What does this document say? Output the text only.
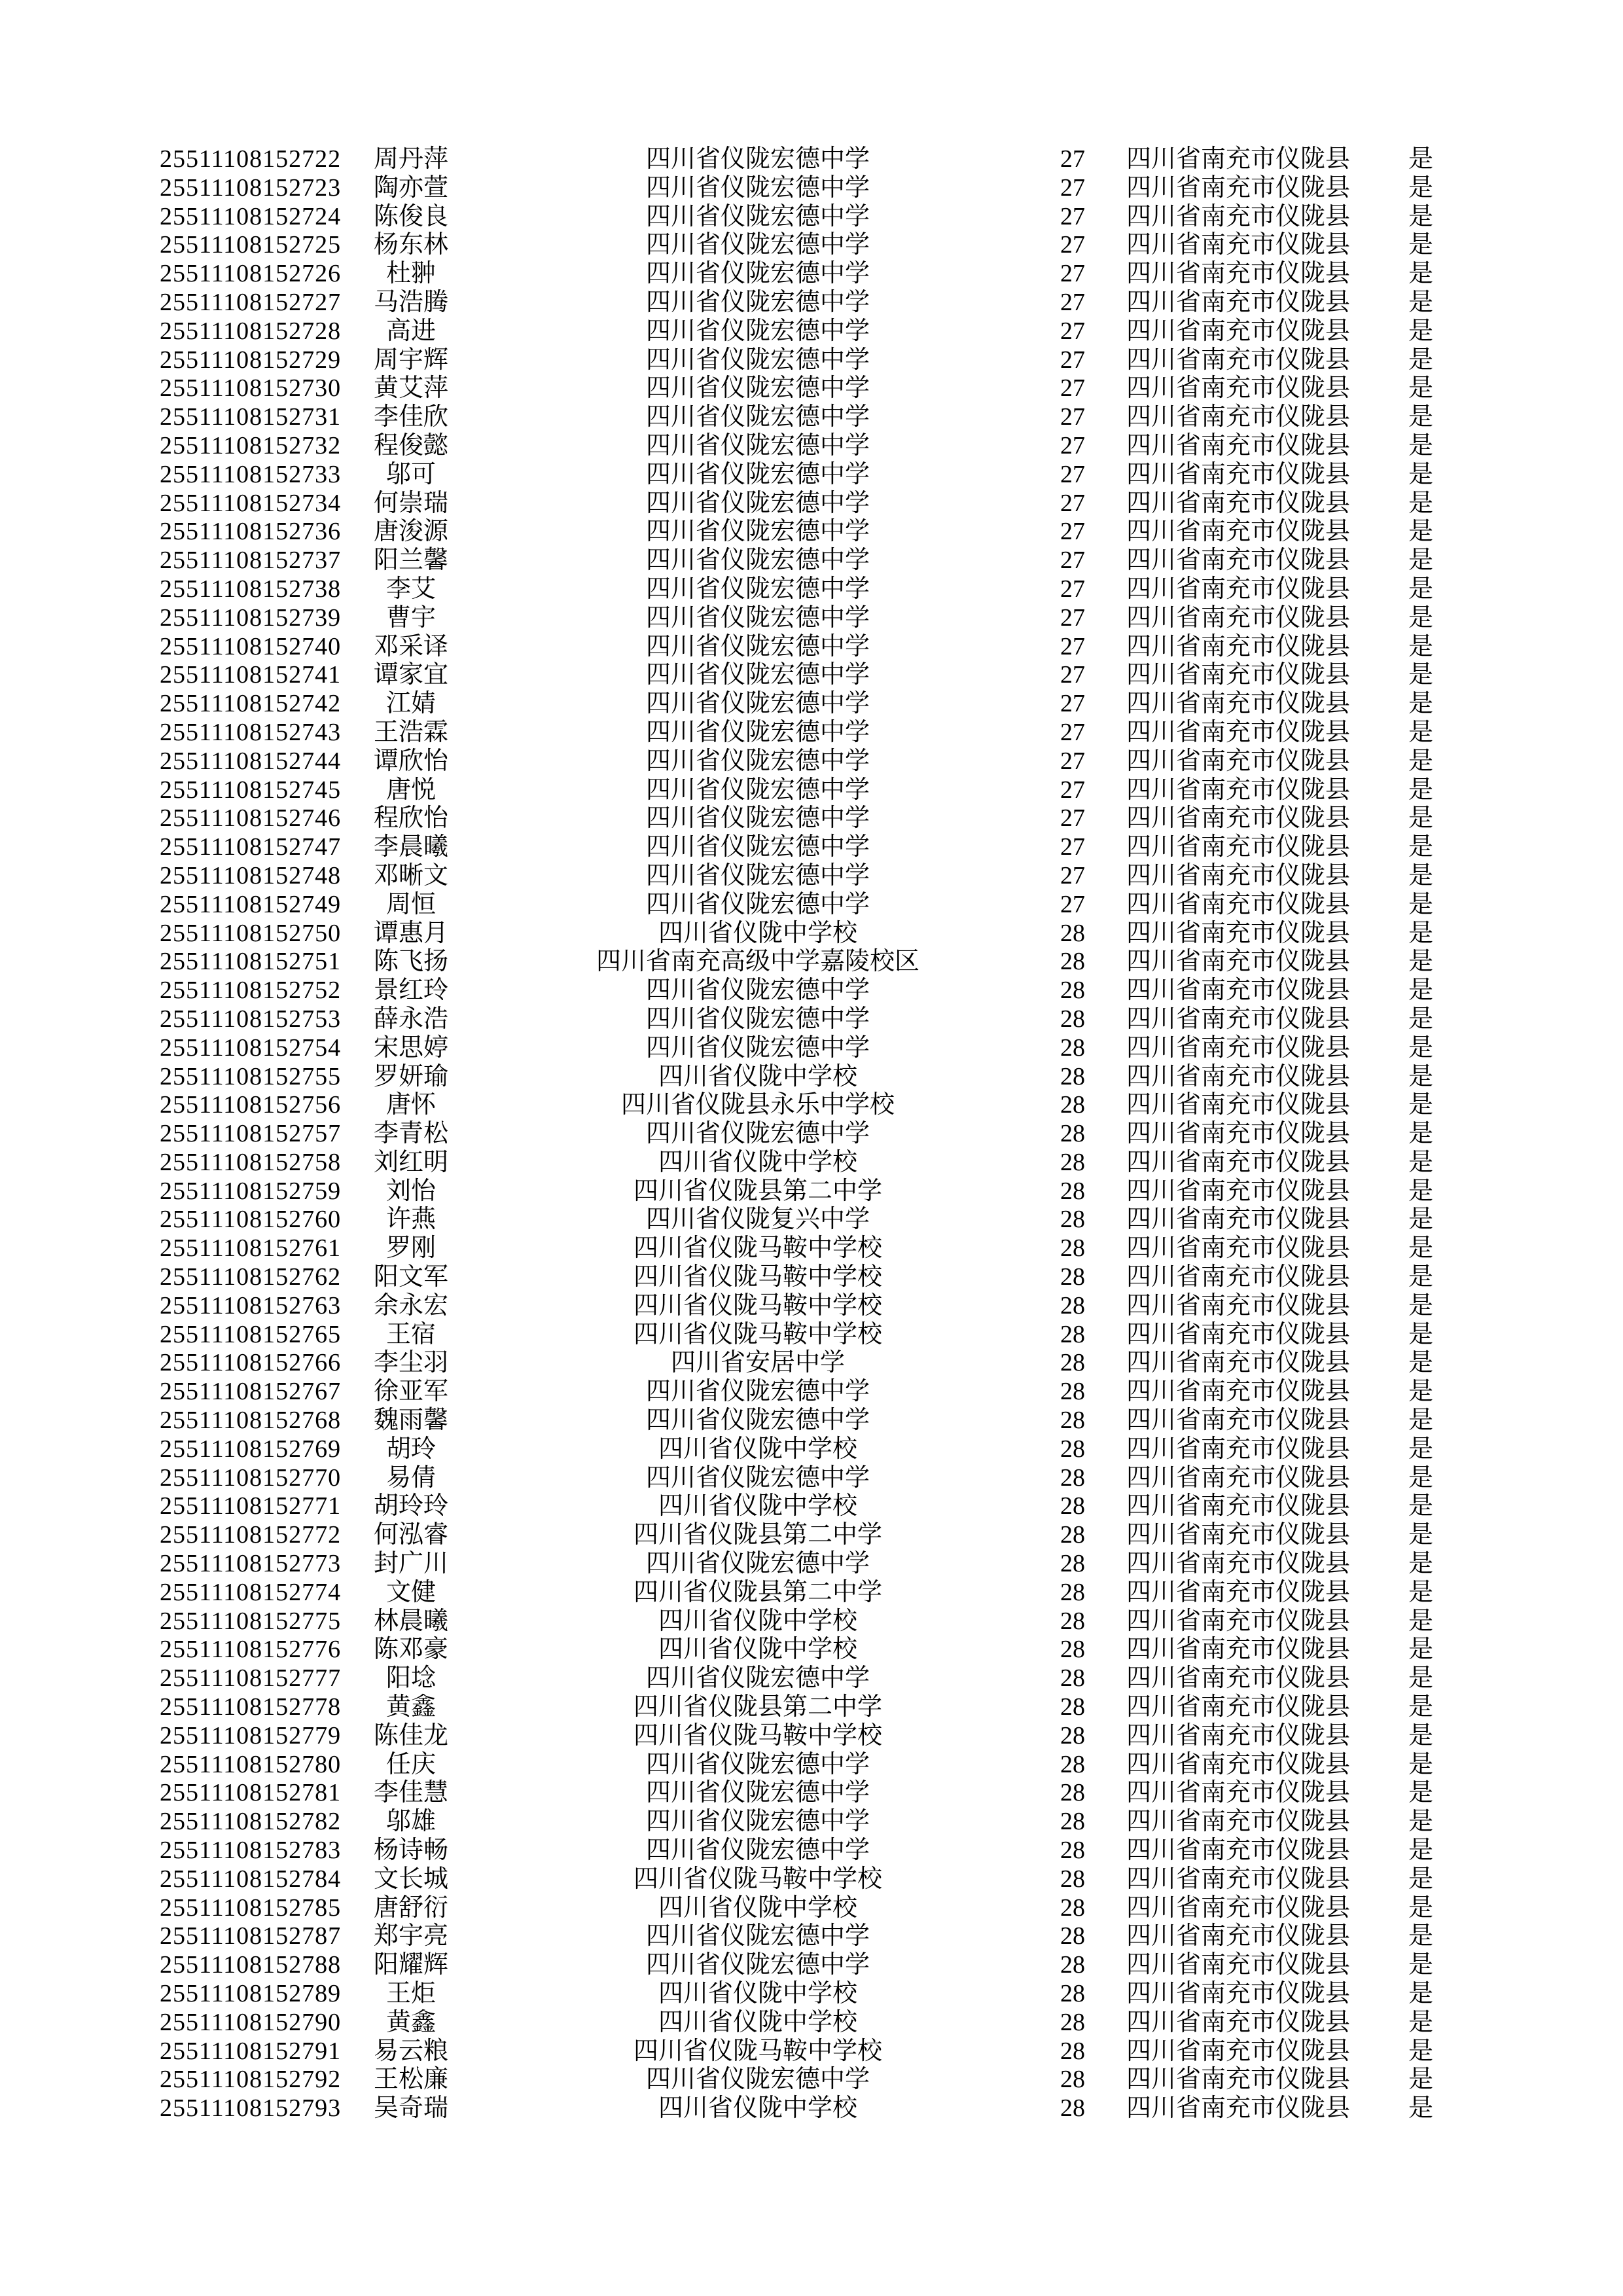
	25511108152722	周丹萍	四川省仪陇宏德中学	27	四川省南充市仪陇县	是
	25511108152723	陶亦萱	四川省仪陇宏德中学	27	四川省南充市仪陇县	是
	25511108152724	陈俊良	四川省仪陇宏德中学	27	四川省南充市仪陇县	是
	25511108152725	杨东林	四川省仪陇宏德中学	27	四川省南充市仪陇县	是
	25511108152726	杜翀	四川省仪陇宏德中学	27	四川省南充市仪陇县	是
	25511108152727	马浩腾	四川省仪陇宏德中学	27	四川省南充市仪陇县	是
	25511108152728	高进	四川省仪陇宏德中学	27	四川省南充市仪陇县	是
	25511108152729	周宇辉	四川省仪陇宏德中学	27	四川省南充市仪陇县	是
	25511108152730	黄艾萍	四川省仪陇宏德中学	27	四川省南充市仪陇县	是
	25511108152731	李佳欣	四川省仪陇宏德中学	27	四川省南充市仪陇县	是
	25511108152732	程俊懿	四川省仪陇宏德中学	27	四川省南充市仪陇县	是
	25511108152733	邬可	四川省仪陇宏德中学	27	四川省南充市仪陇县	是
	25511108152734	何崇瑞	四川省仪陇宏德中学	27	四川省南充市仪陇县	是
	25511108152736	唐浚源	四川省仪陇宏德中学	27	四川省南充市仪陇县	是
	25511108152737	阳兰馨	四川省仪陇宏德中学	27	四川省南充市仪陇县	是
	25511108152738	李艾	四川省仪陇宏德中学	27	四川省南充市仪陇县	是
	25511108152739	曹宇	四川省仪陇宏德中学	27	四川省南充市仪陇县	是
	25511108152740	邓采译	四川省仪陇宏德中学	27	四川省南充市仪陇县	是
	25511108152741	谭家宜	四川省仪陇宏德中学	27	四川省南充市仪陇县	是
	25511108152742	江婧	四川省仪陇宏德中学	27	四川省南充市仪陇县	是
	25511108152743	王浩霖	四川省仪陇宏德中学	27	四川省南充市仪陇县	是
	25511108152744	谭欣怡	四川省仪陇宏德中学	27	四川省南充市仪陇县	是
	25511108152745	唐悦	四川省仪陇宏德中学	27	四川省南充市仪陇县	是
	25511108152746	程欣怡	四川省仪陇宏德中学	27	四川省南充市仪陇县	是
	25511108152747	李晨曦	四川省仪陇宏德中学	27	四川省南充市仪陇县	是
	25511108152748	邓晰文	四川省仪陇宏德中学	27	四川省南充市仪陇县	是
	25511108152749	周恒	四川省仪陇宏德中学	27	四川省南充市仪陇县	是
	25511108152750	谭惠月	四川省仪陇中学校	28	四川省南充市仪陇县	是
	25511108152751	陈飞扬	四川省南充高级中学嘉陵校区	28	四川省南充市仪陇县	是
	25511108152752	景红玲	四川省仪陇宏德中学	28	四川省南充市仪陇县	是
	25511108152753	薛永浩	四川省仪陇宏德中学	28	四川省南充市仪陇县	是
	25511108152754	宋思婷	四川省仪陇宏德中学	28	四川省南充市仪陇县	是
	25511108152755	罗妍瑜	四川省仪陇中学校	28	四川省南充市仪陇县	是
	25511108152756	唐怀	四川省仪陇县永乐中学校	28	四川省南充市仪陇县	是
	25511108152757	李青松	四川省仪陇宏德中学	28	四川省南充市仪陇县	是
	25511108152758	刘红明	四川省仪陇中学校	28	四川省南充市仪陇县	是
	25511108152759	刘怡	四川省仪陇县第二中学	28	四川省南充市仪陇县	是
	25511108152760	许燕	四川省仪陇复兴中学	28	四川省南充市仪陇县	是
	25511108152761	罗刚	四川省仪陇马鞍中学校	28	四川省南充市仪陇县	是
	25511108152762	阳文军	四川省仪陇马鞍中学校	28	四川省南充市仪陇县	是
	25511108152763	余永宏	四川省仪陇马鞍中学校	28	四川省南充市仪陇县	是
	25511108152765	王宿	四川省仪陇马鞍中学校	28	四川省南充市仪陇县	是
	25511108152766	李尘羽	四川省安居中学	28	四川省南充市仪陇县	是
	25511108152767	徐亚军	四川省仪陇宏德中学	28	四川省南充市仪陇县	是
	25511108152768	魏雨馨	四川省仪陇宏德中学	28	四川省南充市仪陇县	是
	25511108152769	胡玲	四川省仪陇中学校	28	四川省南充市仪陇县	是
	25511108152770	易倩	四川省仪陇宏德中学	28	四川省南充市仪陇县	是
	25511108152771	胡玲玲	四川省仪陇中学校	28	四川省南充市仪陇县	是
	25511108152772	何泓睿	四川省仪陇县第二中学	28	四川省南充市仪陇县	是
	25511108152773	封广川	四川省仪陇宏德中学	28	四川省南充市仪陇县	是
	25511108152774	文健	四川省仪陇县第二中学	28	四川省南充市仪陇县	是
	25511108152775	林晨曦	四川省仪陇中学校	28	四川省南充市仪陇县	是
	25511108152776	陈邓豪	四川省仪陇中学校	28	四川省南充市仪陇县	是
	25511108152777	阳埝	四川省仪陇宏德中学	28	四川省南充市仪陇县	是
	25511108152778	黄鑫	四川省仪陇县第二中学	28	四川省南充市仪陇县	是
	25511108152779	陈佳龙	四川省仪陇马鞍中学校	28	四川省南充市仪陇县	是
	25511108152780	任庆	四川省仪陇宏德中学	28	四川省南充市仪陇县	是
	25511108152781	李佳慧	四川省仪陇宏德中学	28	四川省南充市仪陇县	是
	25511108152782	邬雄	四川省仪陇宏德中学	28	四川省南充市仪陇县	是
	25511108152783	杨诗畅	四川省仪陇宏德中学	28	四川省南充市仪陇县	是
	25511108152784	文长城	四川省仪陇马鞍中学校	28	四川省南充市仪陇县	是
	25511108152785	唐舒衍	四川省仪陇中学校	28	四川省南充市仪陇县	是
	25511108152787	郑宇亮	四川省仪陇宏德中学	28	四川省南充市仪陇县	是
	25511108152788	阳耀辉	四川省仪陇宏德中学	28	四川省南充市仪陇县	是
	25511108152789	王炬	四川省仪陇中学校	28	四川省南充市仪陇县	是
	25511108152790	黄鑫	四川省仪陇中学校	28	四川省南充市仪陇县	是
	25511108152791	易云粮	四川省仪陇马鞍中学校	28	四川省南充市仪陇县	是
	25511108152792	王松廉	四川省仪陇宏德中学	28	四川省南充市仪陇县	是
	25511108152793	吴奇瑞	四川省仪陇中学校	28	四川省南充市仪陇县	是
